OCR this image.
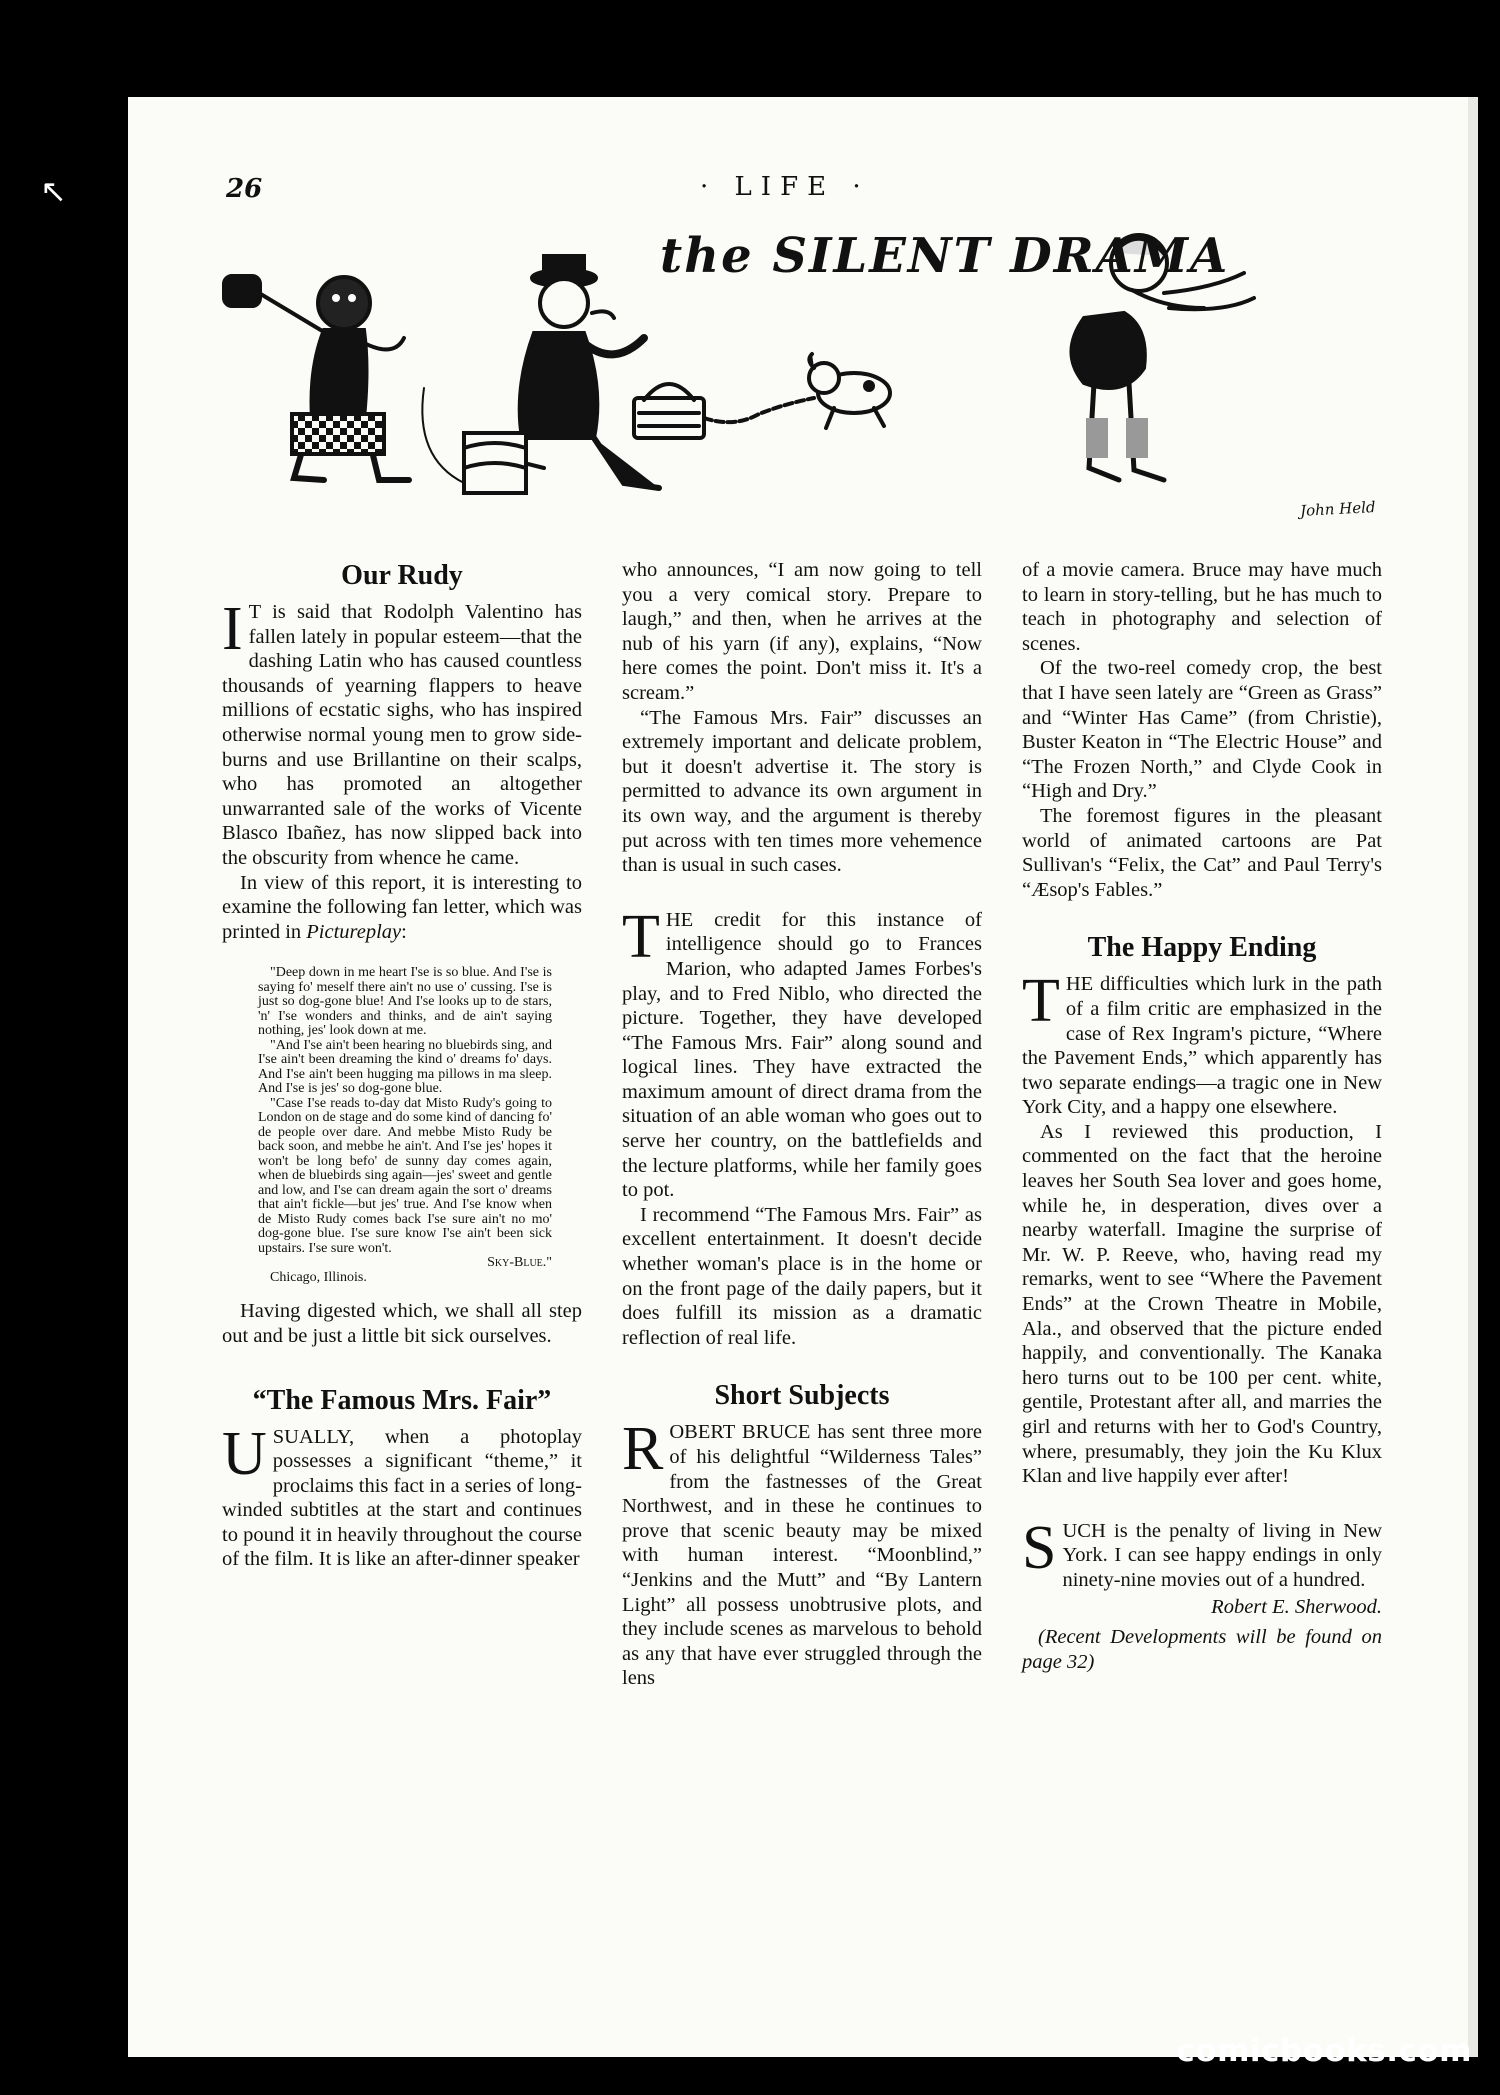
↖	26	· LIFE ·
the SILENT DRAMA
John Held
Our Rudy

I T is said that Rodolph Valentino has fallen lately in popular esteem—that the dashing Latin who has caused countless thousands of yearning flappers to heave millions of ecstatic sighs, who has inspired otherwise normal young men to grow side-burns and use Brillantine on their scalps, who has promoted an altogether unwarranted sale of the works of Vicente Blasco Ibañez, has now slipped back into the obscurity from whence he came.

In view of this report, it is interesting to examine the following fan letter, which was printed in Pictureplay:

"Deep down in me heart I'se is so blue. And I'se is saying fo' meself there ain't no use o' cussing. I'se is just so dog-gone blue! And I'se looks up to de stars, 'n' I'se wonders and thinks, and de ain't saying nothing, jes' look down at me.

"And I'se ain't been hearing no bluebirds sing, and I'se ain't been dreaming the kind o' dreams fo' days. And I'se ain't been hugging ma pillows in ma sleep. And I'se is jes' so dog-gone blue.

"Case I'se reads to-day dat Misto Rudy's going to London on de stage and do some kind of dancing fo' de people over dare. And mebbe Misto Rudy be back soon, and mebbe he ain't. And I'se jes' hopes it won't be long befo' de sunny day comes again, when de bluebirds sing again—jes' sweet and gentle and low, and I'se can dream again the sort o' dreams that ain't fickle—but jes' true. And I'se know when de Misto Rudy comes back I'se sure ain't no mo' dog-gone blue. I'se sure know I'se ain't been sick upstairs. I'se sure won't.

Sky-Blue."
Chicago, Illinois.

Having digested which, we shall all step out and be just a little bit sick ourselves.

“The Famous Mrs. Fair”

USUALLY, when a photoplay possesses a significant “theme,” it proclaims this fact in a series of long-winded subtitles at the start and continues to pound it in heavily throughout the course of the film. It is like an after-dinner speaker

who announces, “I am now going to tell you a very comical story. Prepare to laugh,” and then, when he arrives at the nub of his yarn (if any), explains, “Now here comes the point. Don't miss it. It's a scream.”

“The Famous Mrs. Fair” discusses an extremely important and delicate problem, but it doesn't advertise it. The story is permitted to advance its own argument in its own way, and the argument is thereby put across with ten times more vehemence than is usual in such cases.

THE credit for this instance of intelligence should go to Frances Marion, who adapted James Forbes's play, and to Fred Niblo, who directed the picture. Together, they have developed “The Famous Mrs. Fair” along sound and logical lines. They have extracted the maximum amount of direct drama from the situation of an able woman who goes out to serve her country, on the battlefields and the lecture platforms, while her family goes to pot.

I recommend “The Famous Mrs. Fair” as excellent entertainment. It doesn't decide whether woman's place is in the home or on the front page of the daily papers, but it does fulfill its mission as a dramatic reflection of real life.

Short Subjects

ROBERT BRUCE has sent three more of his delightful “Wilderness Tales” from the fastnesses of the Great Northwest, and in these he continues to prove that scenic beauty may be mixed with human interest. “Moonblind,” “Jenkins and the Mutt” and “By Lantern Light” all possess unobtrusive plots, and they include scenes as marvelous to behold as any that have ever struggled through the lens

of a movie camera. Bruce may have much to learn in story-telling, but he has much to teach in photography and selection of scenes.

Of the two-reel comedy crop, the best that I have seen lately are “Green as Grass” and “Winter Has Came” (from Christie), Buster Keaton in “The Electric House” and “The Frozen North,” and Clyde Cook in “High and Dry.”

The foremost figures in the pleasant world of animated cartoons are Pat Sullivan's “Felix, the Cat” and Paul Terry's “Æsop's Fables.”

The Happy Ending

THE difficulties which lurk in the path of a film critic are emphasized in the case of Rex Ingram's picture, “Where the Pavement Ends,” which apparently has two separate endings—a tragic one in New York City, and a happy one elsewhere.

As I reviewed this production, I commented on the fact that the heroine leaves her South Sea lover and goes home, while he, in desperation, dives over a nearby waterfall. Imagine the surprise of Mr. W. P. Reeve, who, having read my remarks, went to see “Where the Pavement Ends” at the Crown Theatre in Mobile, Ala., and observed that the picture ended happily, and conventionally. The Kanaka hero turns out to be 100 per cent. white, gentile, Protestant after all, and marries the girl and returns with her to God's Country, where, presumably, they join the Ku Klux Klan and live happily ever after!

SUCH is the penalty of living in New York. I can see happy endings in only ninety-nine movies out of a hundred.

Robert E. Sherwood.

(Recent Developments will be found on page 32)

comicbooks.com
